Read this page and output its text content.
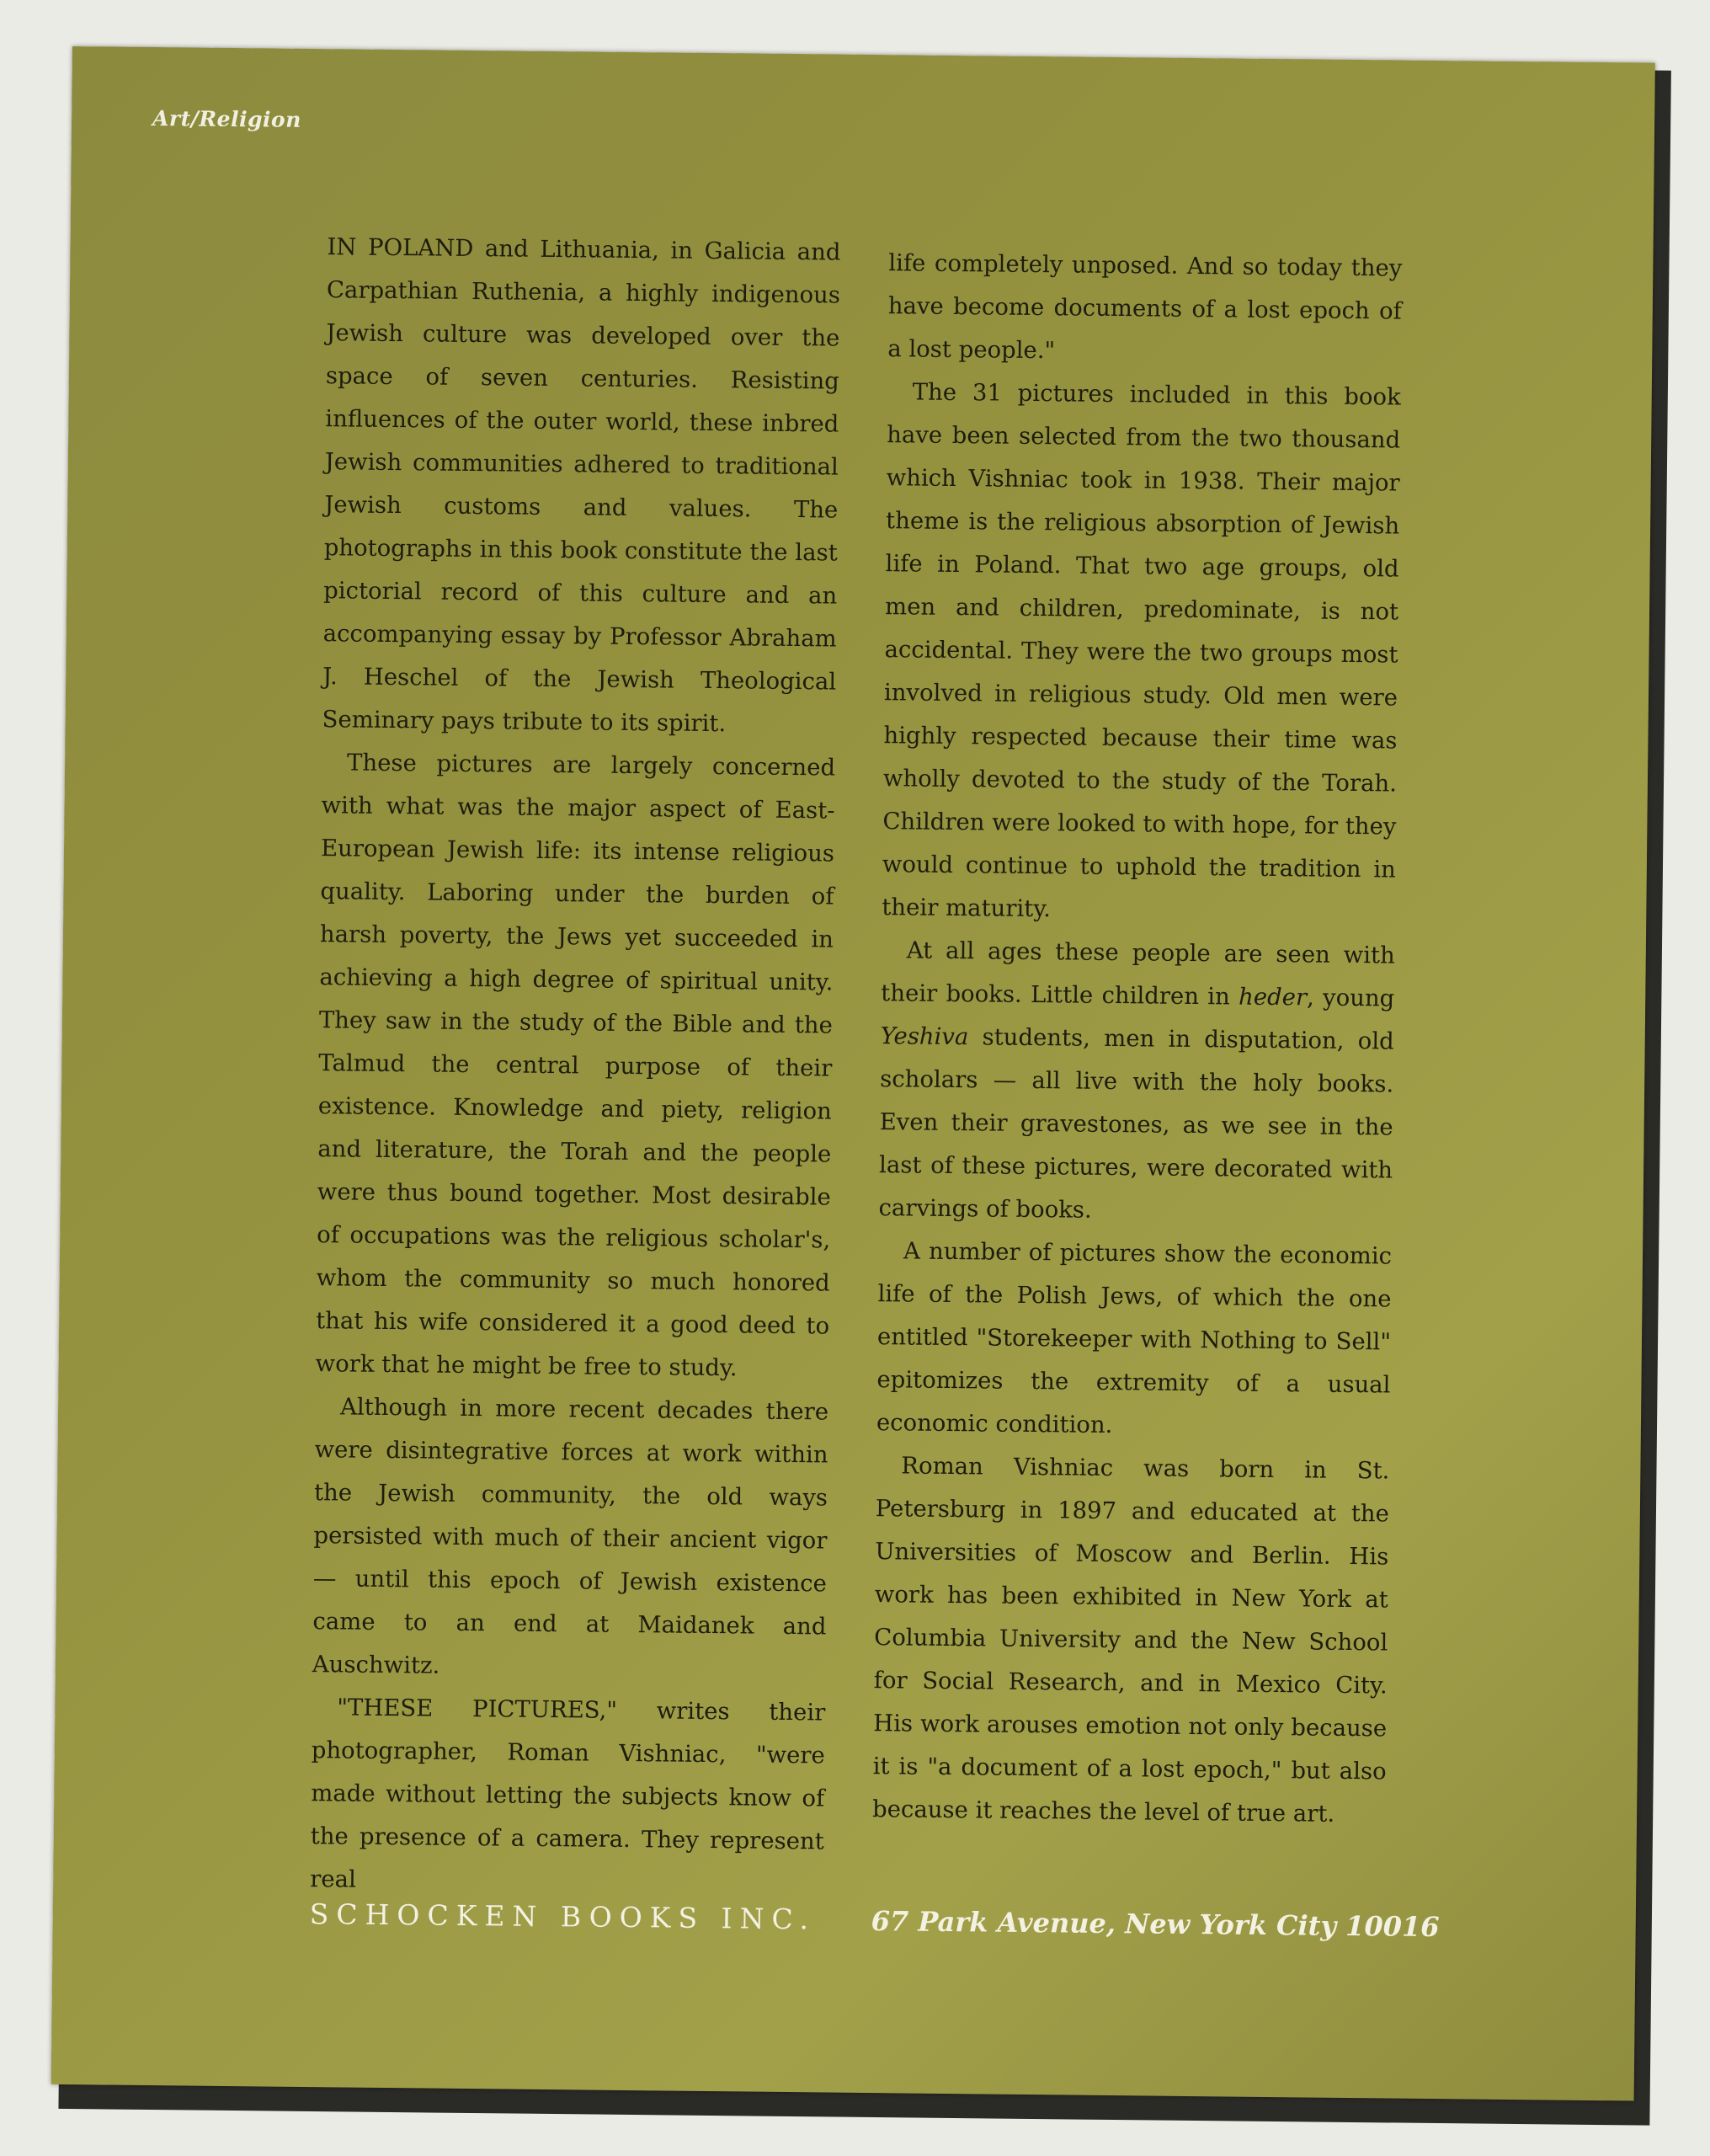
Art/Religion

IN POLAND and Lithuania, in Galicia and Carpathian Ruthenia, a highly indigenous Jewish culture was developed over the space of seven centuries. Resisting influences of the outer world, these inbred Jewish communities adhered to traditional Jewish customs and values. The photographs in this book constitute the last pictorial record of this culture and an accompanying essay by Professor Abraham J. Heschel of the Jewish Theological Seminary pays tribute to its spirit.

These pictures are largely concerned with what was the major aspect of East-European Jewish life: its intense religious quality. Laboring under the burden of harsh poverty, the Jews yet succeeded in achieving a high degree of spiritual unity. They saw in the study of the Bible and the Talmud the central purpose of their existence. Knowledge and piety, religion and literature, the Torah and the people were thus bound together. Most desirable of occupations was the religious scholar's, whom the community so much honored that his wife considered it a good deed to work that he might be free to study.

Although in more recent decades there were disintegrative forces at work within the Jewish community, the old ways persisted with much of their ancient vigor — until this epoch of Jewish existence came to an end at Maidanek and Auschwitz.

"THESE PICTURES," writes their photographer, Roman Vishniac, "were made without letting the subjects know of the presence of a camera. They represent real

life completely unposed. And so today they have become documents of a lost epoch of a lost people."

The 31 pictures included in this book have been selected from the two thousand which Vishniac took in 1938. Their major theme is the religious absorption of Jewish life in Poland. That two age groups, old men and children, predominate, is not accidental. They were the two groups most involved in religious study. Old men were highly respected because their time was wholly devoted to the study of the Torah. Children were looked to with hope, for they would continue to uphold the tradition in their maturity.

At all ages these people are seen with their books. Little children in heder, young Yeshiva students, men in disputation, old scholars — all live with the holy books. Even their gravestones, as we see in the last of these pictures, were decorated with carvings of books.

A number of pictures show the economic life of the Polish Jews, of which the one entitled "Storekeeper with Nothing to Sell" epitomizes the extremity of a usual economic condition.

Roman Vishniac was born in St. Petersburg in 1897 and educated at the Universities of Moscow and Berlin. His work has been exhibited in New York at Columbia University and the New School for Social Research, and in Mexico City. His work arouses emotion not only because it is "a document of a lost epoch," but also because it reaches the level of true art.

SCHOCKEN BOOKS INC. 67 Park Avenue, New York City 10016
